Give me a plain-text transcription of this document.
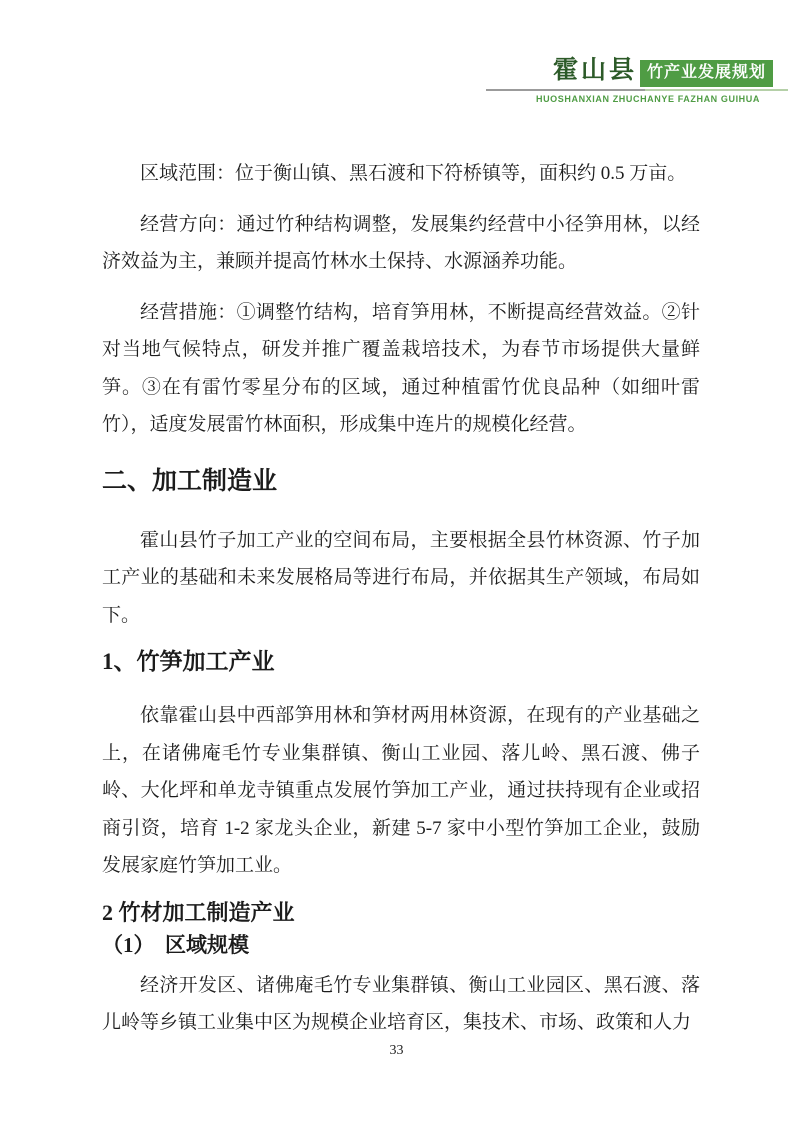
霍山县 竹产业发展规划
HUOSHANXIAN ZHUCHANYE FAZHAN GUIHUA

区域范围：位于衡山镇、黑石渡和下符桥镇等，面积约 0.5 万亩。

经营方向：通过竹种结构调整，发展集约经营中小径笋用林，以经济效益为主，兼顾并提高竹林水土保持、水源涵养功能。

经营措施：①调整竹结构，培育笋用林，不断提高经营效益。②针对当地气候特点，研发并推广覆盖栽培技术，为春节市场提供大量鲜笋。③在有雷竹零星分布的区域，通过种植雷竹优良品种（如细叶雷竹），适度发展雷竹林面积，形成集中连片的规模化经营。

二、加工制造业

霍山县竹子加工产业的空间布局，主要根据全县竹林资源、竹子加工产业的基础和未来发展格局等进行布局，并依据其生产领域，布局如下。

1、竹笋加工产业

依靠霍山县中西部笋用林和笋材两用林资源，在现有的产业基础之上，在诸佛庵毛竹专业集群镇、衡山工业园、落儿岭、黑石渡、佛子岭、大化坪和单龙寺镇重点发展竹笋加工产业，通过扶持现有企业或招商引资，培育 1-2 家龙头企业，新建 5-7 家中小型竹笋加工企业，鼓励发展家庭竹笋加工业。

2 竹材加工制造产业
（1）　区域规模

经济开发区、诸佛庵毛竹专业集群镇、衡山工业园区、黑石渡、落儿岭等乡镇工业集中区为规模企业培育区，集技术、市场、政策和人力

33
